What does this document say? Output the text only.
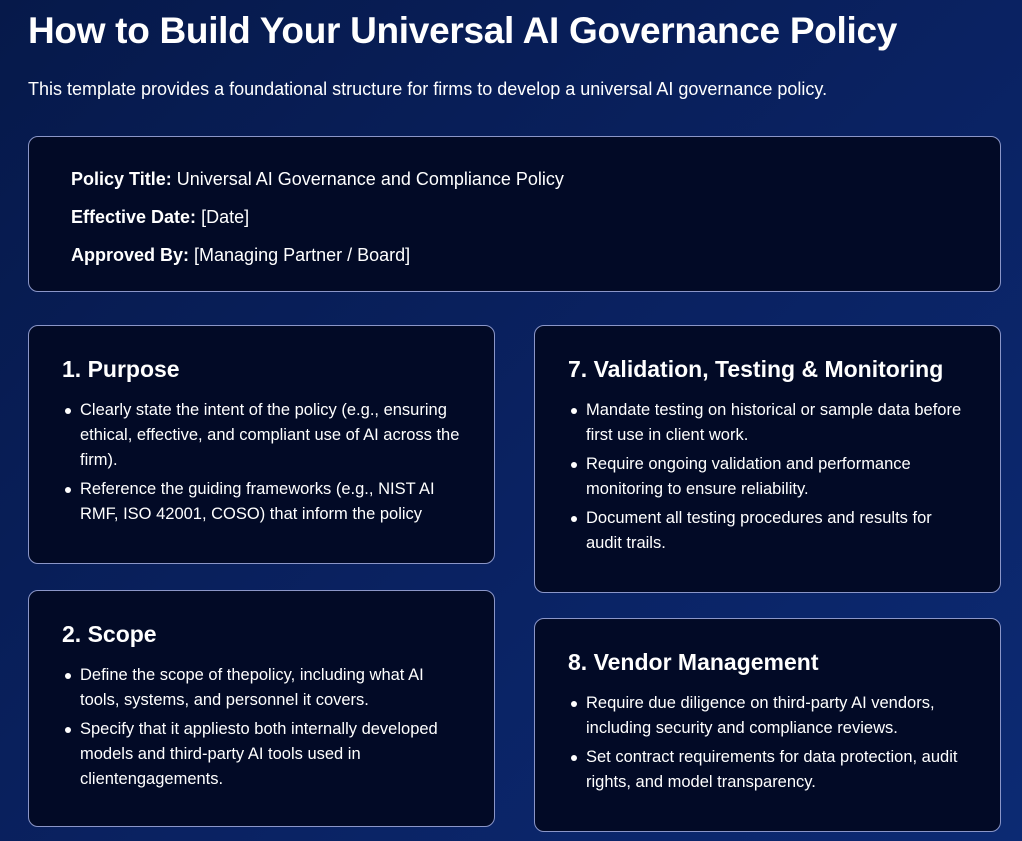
How to Build Your Universal AI Governance Policy

This template provides a foundational structure for firms to develop a universal AI governance policy.

Policy Title: Universal AI Governance and Compliance Policy

Effective Date: [Date]

Approved By: [Managing Partner / Board]

1. Purpose
Clearly state the intent of the policy (e.g., ensuring ethical, effective, and compliant use of AI across the firm).
Reference the guiding frameworks (e.g., NIST AI RMF, ISO 42001, COSO) that inform the policy
2. Scope
Define the scope of thepolicy, including what AI tools, systems, and personnel it covers.
Specify that it appliesto both internally developed models and third-party AI tools used in clientengagements.
7. Validation, Testing & Monitoring
Mandate testing on historical or sample data before first use in client work.
Require ongoing validation and performance monitoring to ensure reliability.
Document all testing procedures and results for audit trails.
8. Vendor Management
Require due diligence on third-party AI vendors, including security and compliance reviews.
Set contract requirements for data protection, audit rights, and model transparency.
